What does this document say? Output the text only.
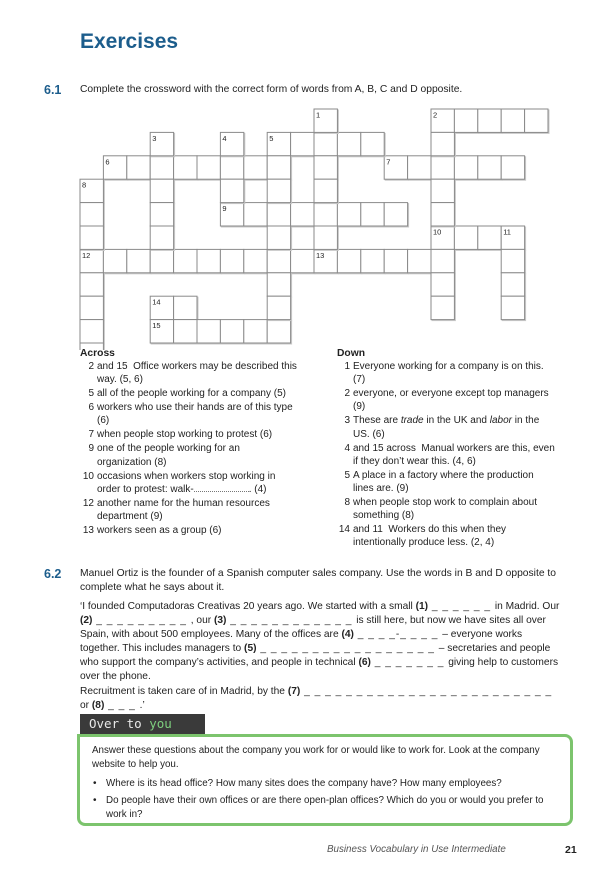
Exercises
6.1 Complete the crossword with the correct form of words from A, B, C and D opposite.
1	2
3	4	5
6	7
8
9
10	11
12	13
14
15
Across	Down
2 and 15  Office workers may be described this
way. (5, 6)
5 all of the people working for a company (5)
6 workers who use their hands are of this type
(6)
7 when people stop working to protest (6)
9 one of the people working for an
organization (8)
10 occasions when workers stop working in
order to protest: walk-	. (4)
12 another name for the human resources
department (9)
13 workers seen as a group (6)
1 Everyone working for a company is on this.
(7)
2 everyone, or everyone except top managers
(9)
3 These are trade in the UK and labor in the
US. (6)
4 and 15 across  Manual workers are this, even
if they don’t wear this. (4, 6)
5 A place in a factory where the production
lines are. (9)
8 when people stop work to complain about
something (8)
14 and 11  Workers do this when they
intentionally produce less. (2, 4)
6.2 Manuel Ortiz is the founder of a Spanish computer sales company. Use the words in B and D opposite to complete what he says about it.
‘I founded Computadoras Creativas 20 years ago. We started with a small (1) _ _ _ _ _ _ in Madrid. Our (2) _ _ _ _ _ _ _ _ _ , our (3) _ _ _ _ _ _ _ _ _ _ _ _ is still here, but now we have sites all over Spain, with about 500 employees. Many of the offices are (4) _ _ _ _-_ _ _ _ – everyone works together. This includes managers to (5) _ _ _ _ _ _ _ _ _ _ _ _ _ _ _ _ _ – secretaries and people who support the company’s activities, and people in technical (6) _ _ _ _ _ _ _ giving help to customers over the phone.
Recruitment is taken care of in Madrid, by the (7) _ _ _ _ _ _ _ _ _ _ _ _ _ _ _ _ _ _ _ _ _ _ _ _ or (8) _ _ _ .’
Over to you
Answer these questions about the company you work for or would like to work for. Look at the company website to help you.
• Where is its head office? How many sites does the company have? How many employees?
• Do people have their own offices or are there open-plan offices? Which do you or would you prefer to work in?
Business Vocabulary in Use Intermediate	21
